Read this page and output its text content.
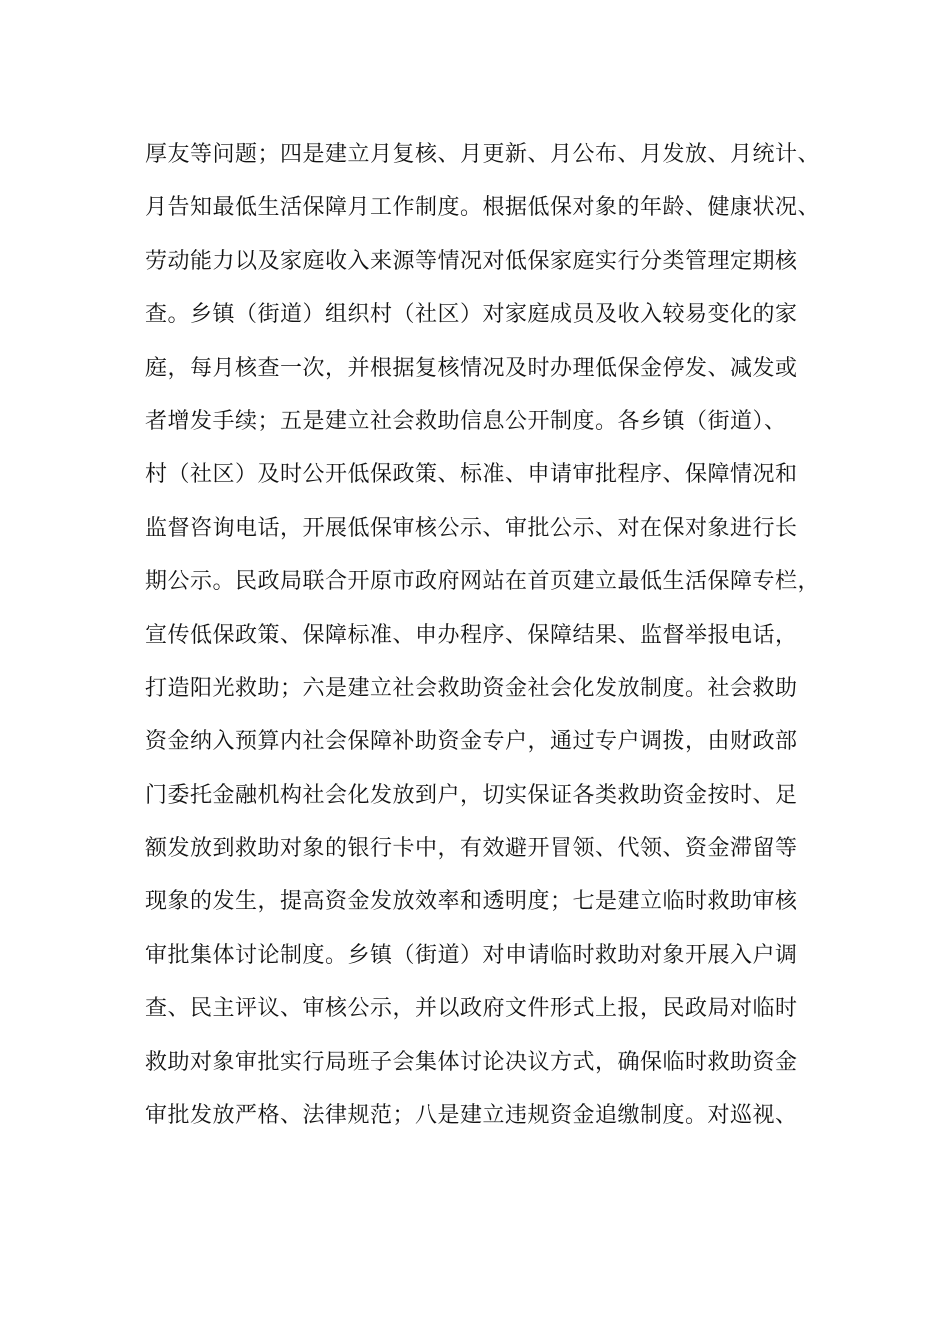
厚友等问题；四是建立月复核、月更新、月公布、月发放、月统计、
月告知最低生活保障月工作制度。根据低保对象的年龄、健康状况、
劳动能力以及家庭收入来源等情况对低保家庭实行分类管理定期核
查。乡镇（街道）组织村（社区）对家庭成员及收入较易变化的家
庭，每月核查一次，并根据复核情况及时办理低保金停发、减发或
者增发手续；五是建立社会救助信息公开制度。各乡镇（街道）、
村（社区）及时公开低保政策、标准、申请审批程序、保障情况和
监督咨询电话，开展低保审核公示、审批公示、对在保对象进行长
期公示。民政局联合开原市政府网站在首页建立最低生活保障专栏，
宣传低保政策、保障标准、申办程序、保障结果、监督举报电话，
打造阳光救助；六是建立社会救助资金社会化发放制度。社会救助
资金纳入预算内社会保障补助资金专户，通过专户调拨，由财政部
门委托金融机构社会化发放到户，切实保证各类救助资金按时、足
额发放到救助对象的银行卡中，有效避开冒领、代领、资金滞留等
现象的发生，提高资金发放效率和透明度；七是建立临时救助审核
审批集体讨论制度。乡镇（街道）对申请临时救助对象开展入户调
查、民主评议、审核公示，并以政府文件形式上报，民政局对临时
救助对象审批实行局班子会集体讨论决议方式，确保临时救助资金
审批发放严格、法律规范；八是建立违规资金追缴制度。对巡视、
